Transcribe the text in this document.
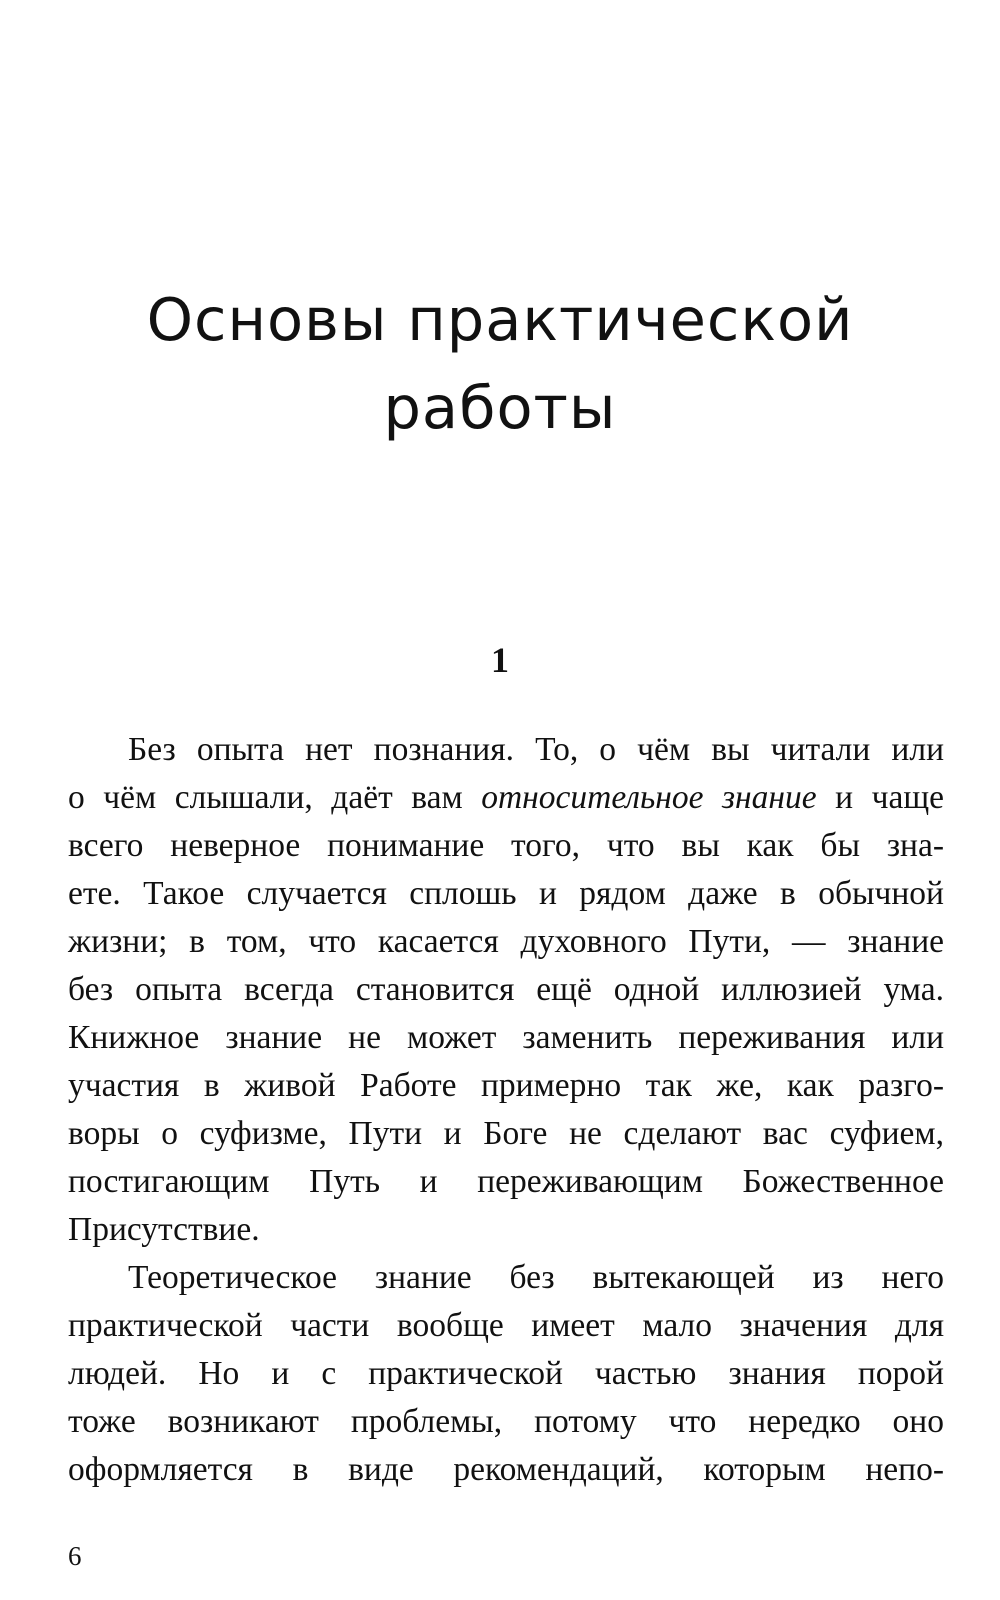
Основы практической
работы
1

Без опыта нет познания. То, о чём вы читали или
о чём слышали, даёт вам относительное знание и чаще
всего неверное понимание того, что вы как бы зна-
ете. Такое случается сплошь и рядом даже в обычной
жизни; в том, что касается духовного Пути, — знание
без опыта всегда становится ещё одной иллюзией ума.
Книжное знание не может заменить переживания или
участия в живой Работе примерно так же, как разго-
воры о суфизме, Пути и Боге не сделают вас суфием,
постигающим Путь и переживающим Божественное
Присутствие.

Теоретическое знание без вытекающей из него
практической части вообще имеет мало значения для
людей. Но и с практической частью знания порой
тоже возникают проблемы, потому что нередко оно
оформляется в виде рекомендаций, которым непо-

6
